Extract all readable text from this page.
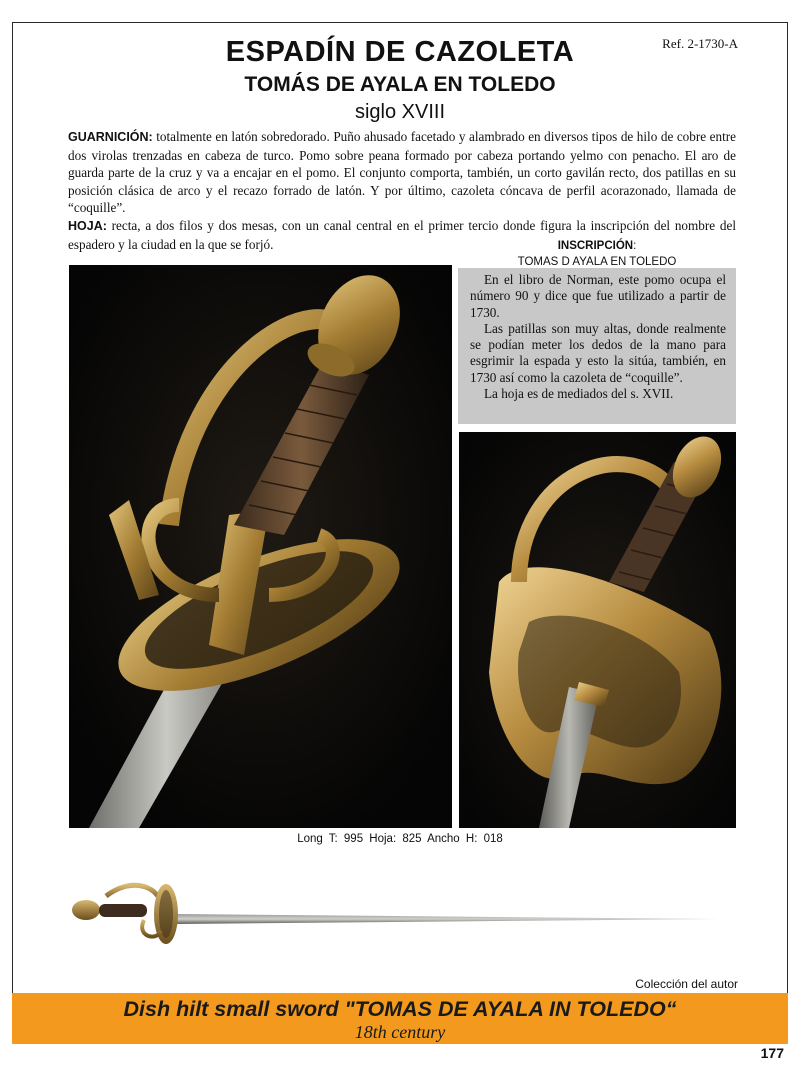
Ref. 2-1730-A
ESPADÍN DE CAZOLETA
TOMÁS DE AYALA EN TOLEDO
siglo XVIII
GUARNICIÓN: totalmente en latón sobredorado. Puño ahusado facetado y alambrado en diversos tipos de hilo de cobre entre dos virolas trenzadas en cabeza de turco. Pomo sobre peana formado por cabeza portando yelmo con penacho. El aro de guarda parte de la cruz y va a encajar en el pomo. El conjunto comporta, también, un corto gavilán recto, dos patillas en su posición clásica de arco y el recazo forrado de latón. Y por último, cazoleta cóncava de perfil acorazonado, llamada de “coquille”.
HOJA: recta, a dos filos y dos mesas, con un canal central en el primer tercio donde figura la inscripción del nombre del espadero y la ciudad en la que se forjó.	INSCRIPCIÓN:
TOMAS D AYALA EN TOLEDO

En el libro de Norman, este pomo ocupa el número 90 y dice que fue utilizado a partir de 1730.

Las patillas son muy altas, donde realmente se podían meter los dedos de la mano para esgrimir la espada y esto la sitúa, también, en 1730 así como la cazoleta de “coquille”.

La hoja es de mediados del s. XVII.

Long T: 995 Hoja: 825 Ancho H: 018
Colección del autor
Dish hilt small sword "TOMAS DE AYALA IN TOLEDO“
18th century
177
